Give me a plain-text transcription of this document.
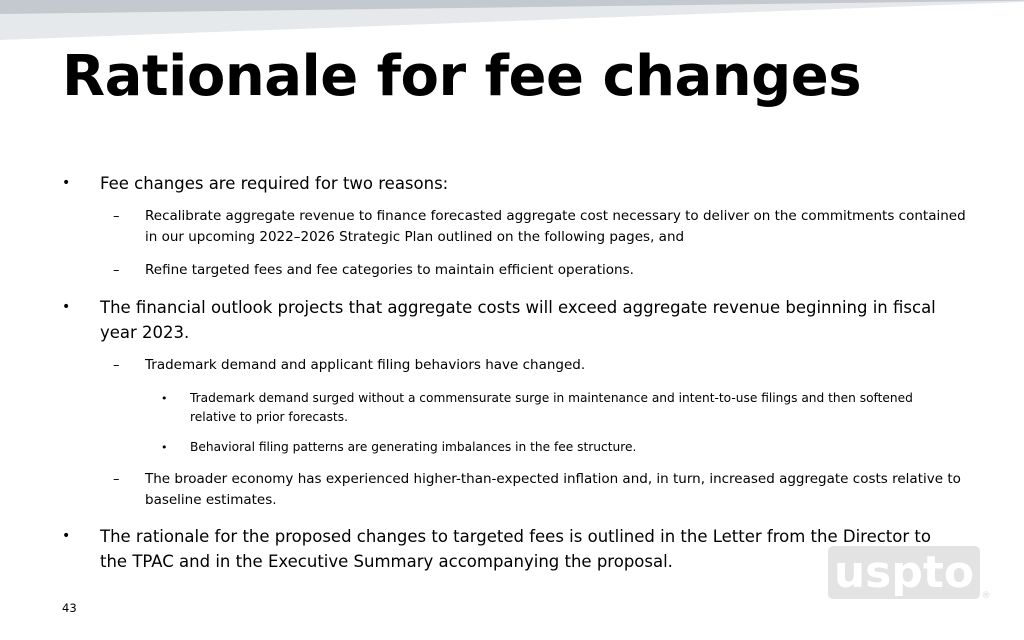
Rationale for fee changes
• Fee changes are required for two reasons:
– Recalibrate aggregate revenue to finance forecasted aggregate cost necessary to deliver on the commitments contained in our upcoming 2022–2026 Strategic Plan outlined on the following pages, and
– Refine targeted fees and fee categories to maintain efficient operations.
• The financial outlook projects that aggregate costs will exceed aggregate revenue beginning in fiscal year 2023.
– Trademark demand and applicant filing behaviors have changed.
• Trademark demand surged without a commensurate surge in maintenance and intent-to-use filings and then softened relative to prior forecasts.
• Behavioral filing patterns are generating imbalances in the fee structure.
– The broader economy has experienced higher-than-expected inflation and, in turn, increased aggregate costs relative to baseline estimates.
• The rationale for the proposed changes to targeted fees is outlined in the Letter from the Director to the TPAC and in the Executive Summary accompanying the proposal.	uspto ®
43
